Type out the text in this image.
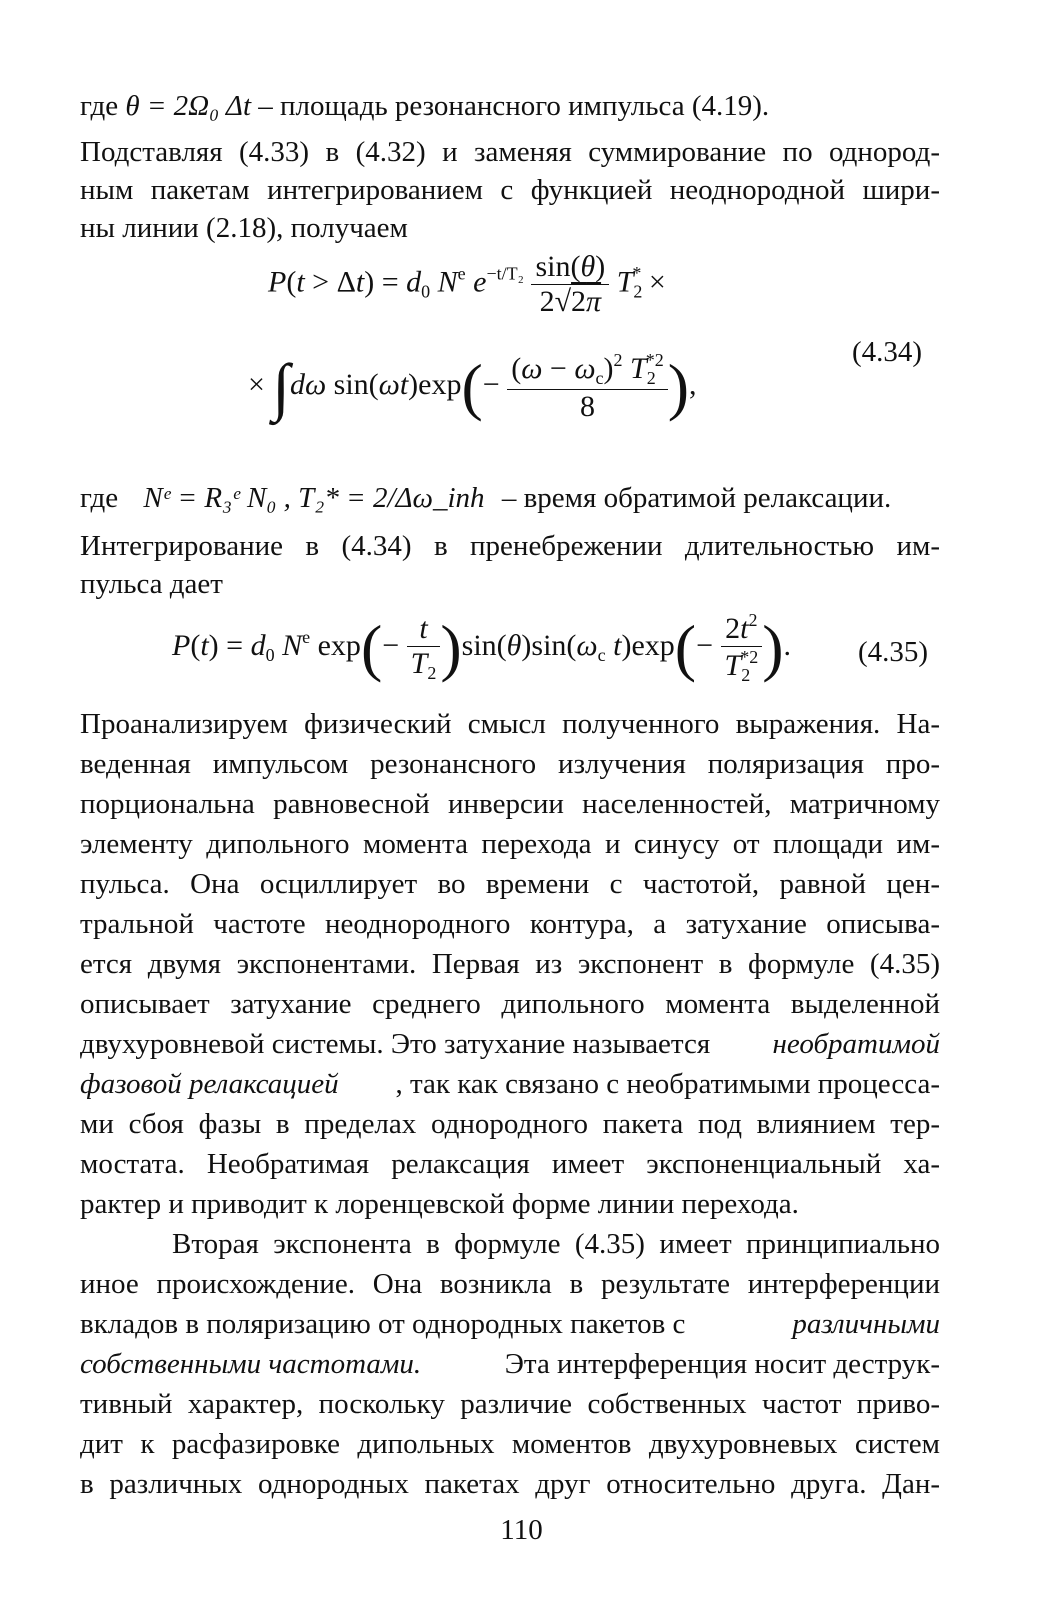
где θ = 2Ω₀ Δt – площадь резонансного импульса (4.19).
Подставляя (4.33) в (4.32) и заменяя суммирование по однород-
ным пакетам интегрированием с функцией неоднородной шири-
ны линии (2.18), получаем
$P(t > \Delta t) = d_0$ $N^e$ $e^{-t/T_2} \frac{\sin(\theta)}{2√2\pi} T_2^*$ ×
× ∫dω $\sin(\omega t)\exp(- \frac{(\omega - \omega_c)^2 T_2^{*2}}{8}$ ),
(4.34)
где Nᵉ = R₃ᵉ N₀ , T₂* = 2/Δω_inh – время обратимой релаксации.
Интегрирование в (4.34) в пренебрежении длительностью им-
пульса дает
$P(t) = d_0$ $N^e$ $\exp(- \frac{t}{T_2} )\sin(\theta)\sin(\omega_c$ $t)\exp(- \frac{2t^2}{T_2^{*2}}$ ). (4.35)
Проанализируем физический смысл полученного выражения. На-
веденная импульсом резонансного излучения поляризация про-
порциональна равновесной инверсии населенностей, матричному
элементу дипольного момента перехода и синусу от площади им-
пульса. Она осциллирует во времени с частотой, равной цен-
тральной частоте неоднородного контура, а затухание описыва-
ется двумя экспонентами. Первая из экспонент в формуле (4.35)
описывает затухание среднего дипольного момента выделенной
двухуровневой системы. Это затухание называется необратимой
фазовой релаксацией , так как связано с необратимыми процесса-
ми сбоя фазы в пределах однородного пакета под влиянием тер-
мостата. Необратимая релаксация имеет экспоненциальный ха-
рактер и приводит к лоренцевской форме линии перехода.
Вторая экспонента в формуле (4.35) имеет принципиально
иное происхождение. Она возникла в результате интерференции
вкладов в поляризацию от однородных пакетов с	различными
собственными частотами.	Эта интерференция носит деструк-
тивный характер, поскольку различие собственных частот приво-
дит к расфазировке дипольных моментов двухуровневых систем
в различных однородных пакетах друг относительно друга. Дан-
110
